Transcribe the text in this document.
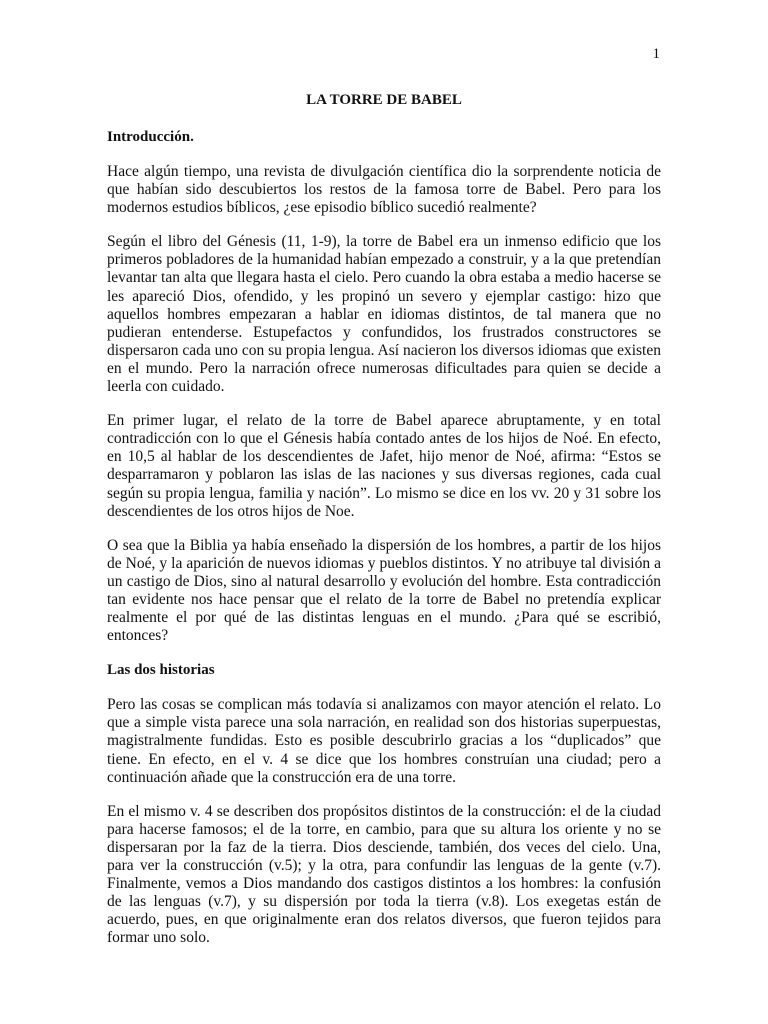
1
LA TORRE DE BABEL
Introducción.

Hace algún tiempo, una revista de divulgación científica dio la sorprendente noticia de que habían sido descubiertos los restos de la famosa torre de Babel. Pero para los modernos estudios bíblicos, ¿ese episodio bíblico sucedió realmente?

Según el libro del Génesis (11, 1-9), la torre de Babel era un inmenso edificio que los primeros pobladores de la humanidad habían empezado a construir, y a la que pretendían levantar tan alta que llegara hasta el cielo. Pero cuando la obra estaba a medio hacerse se les apareció Dios, ofendido, y les propinó un severo y ejemplar castigo: hizo que aquellos hombres empezaran a hablar en idiomas distintos, de tal manera que no pudieran entenderse. Estupefactos y confundidos, los frustrados constructores se dispersaron cada uno con su propia lengua. Así nacieron los diversos idiomas que existen en el mundo. Pero la narración ofrece numerosas dificultades para quien se decide a leerla con cuidado.

En primer lugar, el relato de la torre de Babel aparece abruptamente, y en total contradicción con lo que el Génesis había contado antes de los hijos de Noé. En efecto, en 10,5 al hablar de los descendientes de Jafet, hijo menor de Noé, afirma: “Estos se desparramaron y poblaron las islas de las naciones y sus diversas regiones, cada cual según su propia lengua, familia y nación”. Lo mismo se dice en los vv. 20 y 31 sobre los descendientes de los otros hijos de Noe.

O sea que la Biblia ya había enseñado la dispersión de los hombres, a partir de los hijos de Noé, y la aparición de nuevos idiomas y pueblos distintos. Y no atribuye tal división a un castigo de Dios, sino al natural desarrollo y evolución del hombre. Esta contradicción tan evidente nos hace pensar que el relato de la torre de Babel no pretendía explicar realmente el por qué de las distintas lenguas en el mundo. ¿Para qué se escribió, entonces?

Las dos historias

Pero las cosas se complican más todavía si analizamos con mayor atención el relato. Lo que a simple vista parece una sola narración, en realidad son dos historias superpuestas, magistralmente fundidas. Esto es posible descubrirlo gracias a los “duplicados” que tiene. En efecto, en el v. 4 se dice que los hombres construían una ciudad; pero a continuación añade que la construcción era de una torre.

En el mismo v. 4 se describen dos propósitos distintos de la construcción: el de la ciudad para hacerse famosos; el de la torre, en cambio, para que su altura los oriente y no se dispersaran por la faz de la tierra. Dios desciende, también, dos veces del cielo. Una, para ver la construcción (v.5); y la otra, para confundir las lenguas de la gente (v.7). Finalmente, vemos a Dios mandando dos castigos distintos a los hombres: la confusión de las lenguas (v.7), y su dispersión por toda la tierra (v.8). Los exegetas están de acuerdo, pues, en que originalmente eran dos relatos diversos, que fueron tejidos para formar uno solo.
